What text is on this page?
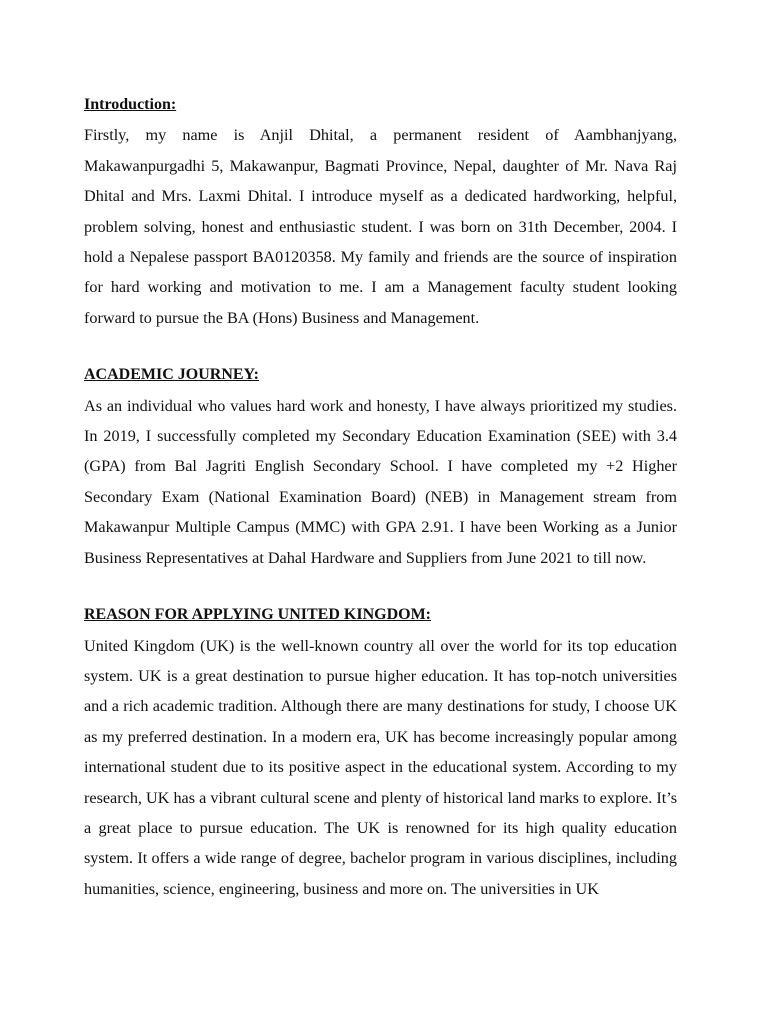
Introduction:

Firstly, my name is Anjil Dhital, a permanent resident of Aambhanjyang, Makawanpurgadhi 5, Makawanpur, Bagmati Province, Nepal, daughter of Mr. Nava Raj Dhital and Mrs. Laxmi Dhital. I introduce myself as a dedicated hardworking, helpful, problem solving, honest and enthusiastic student. I was born on 31th December, 2004. I hold a Nepalese passport BA0120358. My family and friends are the source of inspiration for hard working and motivation to me. I am a Management faculty student looking forward to pursue the BA (Hons) Business and Management.

ACADEMIC JOURNEY:

As an individual who values hard work and honesty, I have always prioritized my studies. In 2019, I successfully completed my Secondary Education Examination (SEE) with 3.4 (GPA) from Bal Jagriti English Secondary School. I have completed my +2 Higher Secondary Exam (National Examination Board) (NEB) in Management stream from Makawanpur Multiple Campus (MMC) with GPA 2.91. I have been Working as a Junior Business Representatives at Dahal Hardware and Suppliers from June 2021 to till now.

REASON FOR APPLYING UNITED KINGDOM:

United Kingdom (UK) is the well-known country all over the world for its top education system. UK is a great destination to pursue higher education. It has top-notch universities and a rich academic tradition. Although there are many destinations for study, I choose UK as my preferred destination. In a modern era, UK has become increasingly popular among international student due to its positive aspect in the educational system. According to my research, UK has a vibrant cultural scene and plenty of historical land marks to explore. It’s a great place to pursue education. The UK is renowned for its high quality education system. It offers a wide range of degree, bachelor program in various disciplines, including humanities, science, engineering, business and more on. The universities in UK
